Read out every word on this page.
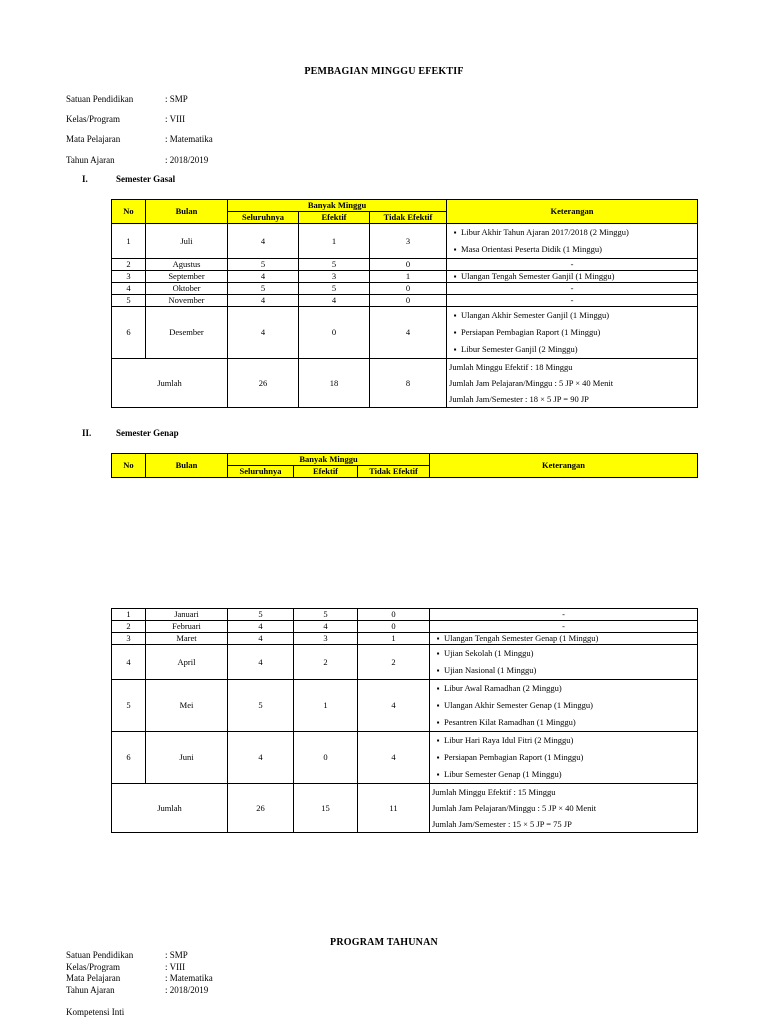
PEMBAGIAN MINGGU EFEKTIF
Satuan Pendidikan	: SMP
Kelas/Program	: VIII
Mata Pelajaran	: Matematika
Tahun Ajaran	: 2018/2019
I.	Semester Gasal
No	Bulan	Banyak Minggu			Keterangan
		Seluruhnya	Efektif	Tidak Efektif	
1	Juli	4	1	3	▪ Libur Akhir Tahun Ajaran 2017/2018 (2 Minggu)
▪ Masa Orientasi Peserta Didik (1 Minggu)

2	Agustus	5	5	0	-

3	September	4	3	1	▪ Ulangan Tengah Semester Ganjil (1 Minggu)

4	Oktober	5	5	0	-

5	November	4	4	0	-

6	Desember	4	0	4	▪ Ulangan Akhir Semester Ganjil (1 Minggu)
▪ Persiapan Pembagian Raport (1 Minggu)
▪ Libur Semester Ganjil (2 Minggu)

Jumlah		26	18	8	Jumlah Minggu Efektif : 18 Minggu
Jumlah Jam Pelajaran/Minggu : 5 JP × 40 Menit
Jumlah Jam/Semester : 18 × 5 JP = 90 JP
II.	Semester Genap
No	Bulan	Banyak Minggu			Keterangan
		Seluruhnya	Efektif	Tidak Efektif	
1	Januari	5	5	0	-

2	Februari	4	4	0	-

3	Maret	4	3	1	▪ Ulangan Tengah Semester Genap (1 Minggu)

4	April	4	2	2	▪ Ujian Sekolah (1 Minggu)
▪ Ujian Nasional (1 Minggu)

5	Mei	5	1	4	▪ Libur Awal Ramadhan (2 Minggu)
▪ Ulangan Akhir Semester Genap (1 Minggu)
▪ Pesantren Kilat Ramadhan (1 Minggu)

6	Juni	4	0	4	▪ Libur Hari Raya Idul Fitri (2 Minggu)
▪ Persiapan Pembagian Raport (1 Minggu)
▪ Libur Semester Genap (1 Minggu)

Jumlah		26	15	11	Jumlah Minggu Efektif : 15 Minggu
Jumlah Jam Pelajaran/Minggu : 5 JP × 40 Menit
Jumlah Jam/Semester : 15 × 5 JP = 75 JP
PROGRAM TAHUNAN
Satuan Pendidikan	: SMP
Kelas/Program	: VIII
Mata Pelajaran	: Matematika
Tahun Ajaran	: 2018/2019
Kompetensi Inti
